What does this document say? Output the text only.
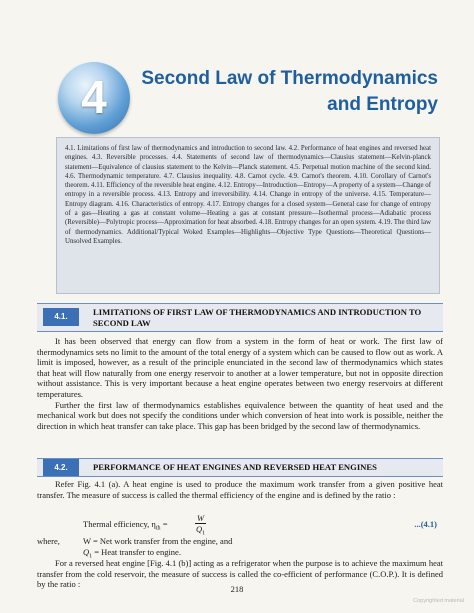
4	Second Law of Thermodynamics
and Entropy

4.1. Limitations of first law of thermodynamics and introduction to second law. 4.2. Performance of heat engines and reversed heat engines. 4.3. Reversible processes. 4.4. Statements of second law of thermodynamics—Clausius statement—Kelvin-planck statement—Equivalence of clausius statement to the Kelvin—Planck statement. 4.5. Perpetual motion machine of the second kind. 4.6. Thermodynamic temperature. 4.7. Clausius inequality. 4.8. Carnot cycle. 4.9. Carnot's theorem. 4.10. Corollary of Carnot's theorem. 4.11. Efficiency of the reversible heat engine. 4.12. Entropy—Introduction—Entropy—A property of a system—Change of entropy in a reversible process. 4.13. Entropy and irreversibility. 4.14. Change in entropy of the universe. 4.15. Temperature—Entropy diagram. 4.16. Characteristics of entropy. 4.17. Entropy changes for a closed system—General case for change of entropy of a gas—Heating a gas at constant volume—Heating a gas at constant pressure—Isothermal process—Adiabatic process (Reversible)—Polytropic process—Approximation for heat absorbed. 4.18. Entropy changes for an open system. 4.19. The third law of thermodynamics. Additional/Typical Woked Examples—Highlights—Objective Type Questions—Theoretical Questions—Unsolved Examples.

4.1.	LIMITATIONS OF FIRST LAW OF THERMODYNAMICS AND INTRODUCTION TO SECOND LAW

It has been observed that energy can flow from a system in the form of heat or work. The first law of thermodynamics sets no limit to the amount of the total energy of a system which can be caused to flow out as work. A limit is imposed, however, as a result of the principle enunciated in the second law of thermodynamics which states that heat will flow naturally from one energy reservoir to another at a lower temperature, but not in opposite direction without assistance. This is very important because a heat engine operates between two energy reservoirs at different temperatures.

Further the first law of thermodynamics establishes equivalence between the quantity of heat used and the mechanical work but does not specify the conditions under which conversion of heat into work is possible, neither the direction in which heat transfer can take place. This gap has been bridged by the second law of thermodynamics.

4.2.	PERFORMANCE OF HEAT ENGINES AND REVERSED HEAT ENGINES

Refer Fig. 4.1 (a). A heat engine is used to produce the maximum work transfer from a given positive heat transfer. The measure of success is called the thermal efficiency of the engine and is defined by the ratio :

Thermal efficiency, $\eta_{th}$ =	$\frac{W}{Q_1}$	...(4.1)
where,	W = Net work transfer from the engine, and
$Q_1$ = Heat transfer to engine.

For a reversed heat engine [Fig. 4.1 (b)] acting as a refrigerator when the purpose is to achieve the maximum heat transfer from the cold reservoir, the measure of success is called the co-efficient of performance (C.O.P.). It is defined by the ratio :	218
Copyrighted material
